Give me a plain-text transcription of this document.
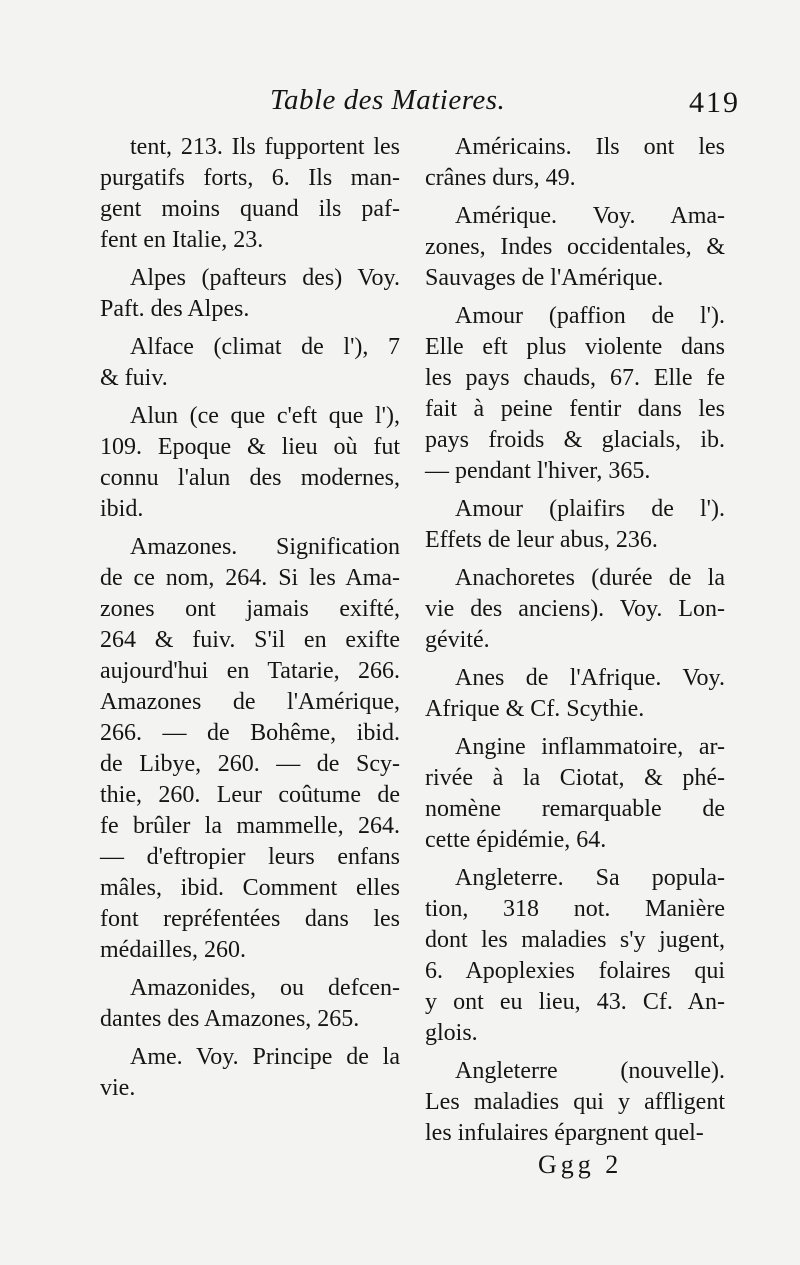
Table des Matieres.	419
tent, 213. Ils fupportent les
purgatifs forts, 6. Ils man-
gent moins quand ils paf-
fent en Italie, 23.
Alpes (pafteurs des) Voy.
Paft. des Alpes.
Alface (climat de l'), 7
& fuiv.
Alun (ce que c'eft que l'),
109. Epoque & lieu où fut
connu l'alun des modernes,
ibid.
Amazones. Signification
de ce nom, 264. Si les Ama-
zones ont jamais exifté,
264 & fuiv. S'il en exifte
aujourd'hui en Tatarie, 266.
Amazones de l'Amérique,
266. — de Bohême, ibid.
de Libye, 260. — de Scy-
thie, 260. Leur coûtume de
fe brûler la mammelle, 264.
— d'eftropier leurs enfans
mâles, ibid. Comment elles
font repréfentées dans les
médailles, 260.
Amazonides, ou defcen-
dantes des Amazones, 265.
Ame. Voy. Principe de la
vie.
Américains. Ils ont les
crânes durs, 49.
Amérique. Voy. Ama-
zones, Indes occidentales, &
Sauvages de l'Amérique.
Amour (paffion de l').
Elle eft plus violente dans
les pays chauds, 67. Elle fe
fait à peine fentir dans les
pays froids & glacials, ib.
— pendant l'hiver, 365.
Amour (plaifirs de l').
Effets de leur abus, 236.
Anachoretes (durée de la
vie des anciens). Voy. Lon-
gévité.
Anes de l'Afrique. Voy.
Afrique & Cf. Scythie.
Angine inflammatoire, ar-
rivée à la Ciotat, & phé-
nomène remarquable de
cette épidémie, 64.
Angleterre. Sa popula-
tion, 318 not. Manière
dont les maladies s'y jugent,
6. Apoplexies folaires qui
y ont eu lieu, 43. Cf. An-
glois.
Angleterre (nouvelle).
Les maladies qui y affligent
les infulaires épargnent quel-
Ggg 2
